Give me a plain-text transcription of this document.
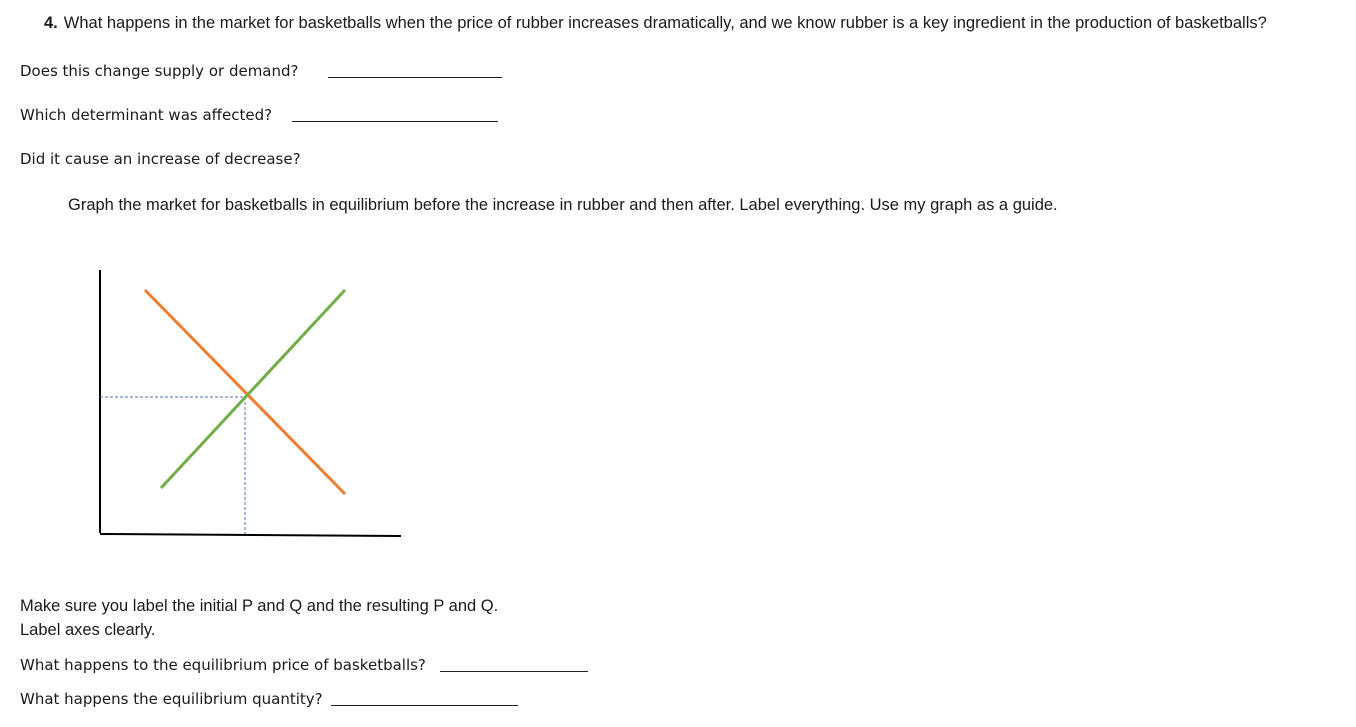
4. What happens in the market for basketballs when the price of rubber increases dramatically, and we know rubber is a key ingredient in the production of basketballs?
Does this change supply or demand?
Which determinant was affected?
Did it cause an increase of decrease?
Graph the market for basketballs in equilibrium before the increase in rubber and then after. Label everything. Use my graph as a guide.
Make sure you label the initial P and Q and the resulting P and Q.
Label axes clearly.
What happens to the equilibrium price of basketballs?
What happens the equilibrium quantity?
